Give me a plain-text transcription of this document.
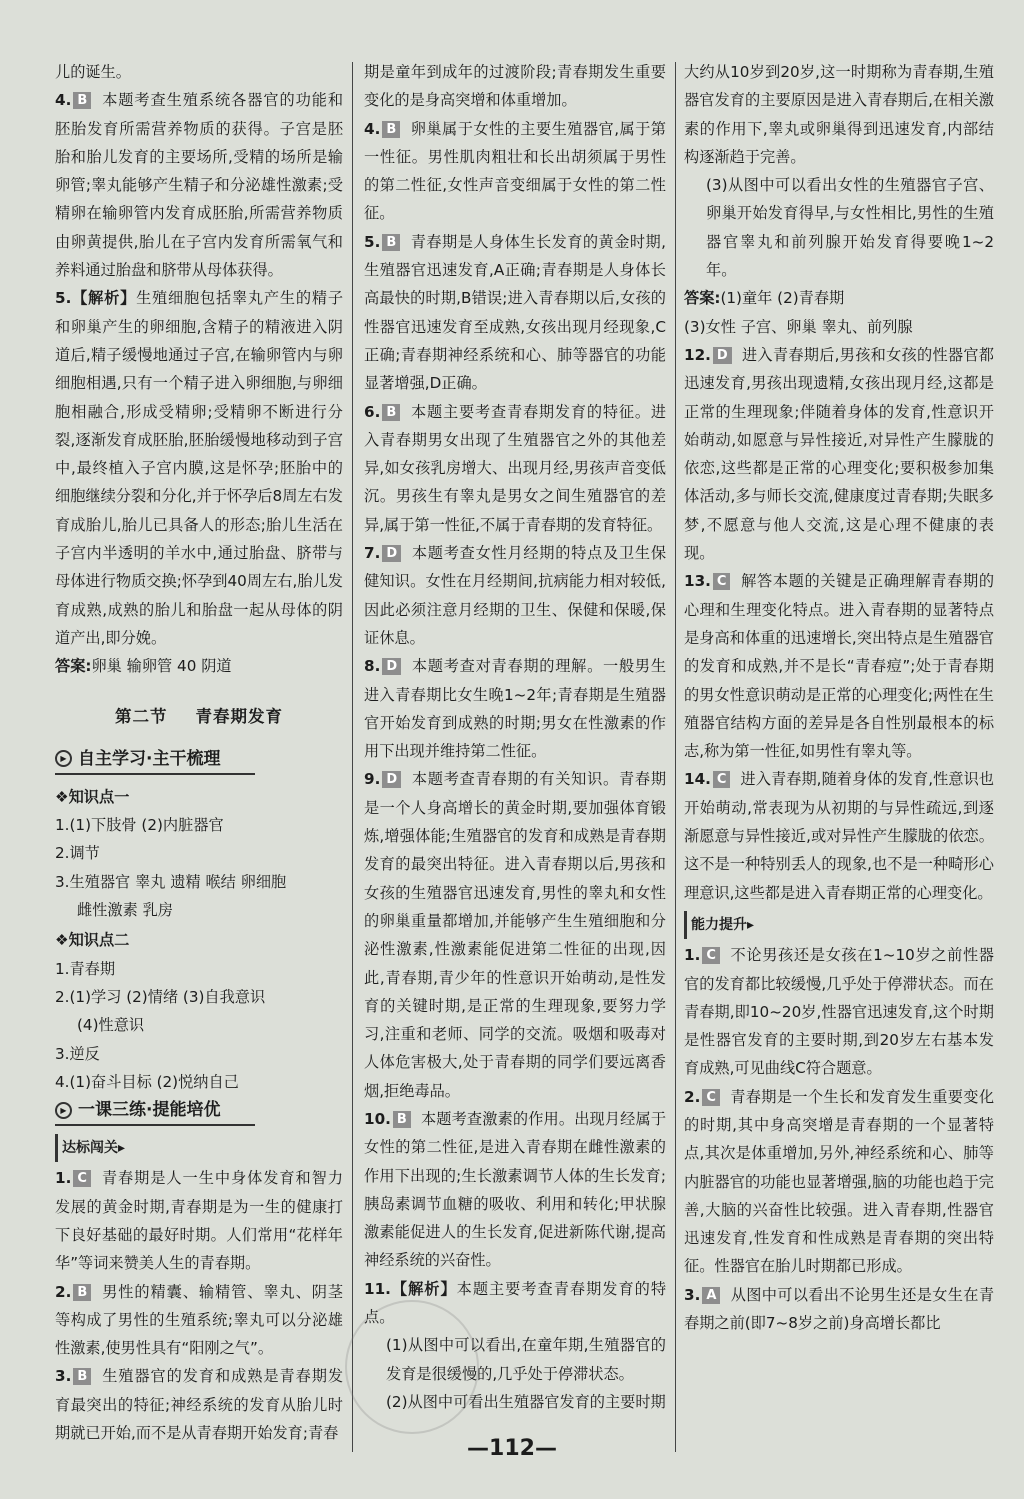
儿的诞生。

4. B 本题考查生殖系统各器官的功能和胚胎发育所需营养物质的获得。子宫是胚胎和胎儿发育的主要场所,受精的场所是输卵管;睾丸能够产生精子和分泌雄性激素;受精卵在输卵管内发育成胚胎,所需营养物质由卵黄提供,胎儿在子宫内发育所需氧气和养料通过胎盘和脐带从母体获得。

5.【解析】生殖细胞包括睾丸产生的精子和卵巢产生的卵细胞,含精子的精液进入阴道后,精子缓慢地通过子宫,在输卵管内与卵细胞相遇,只有一个精子进入卵细胞,与卵细胞相融合,形成受精卵;受精卵不断进行分裂,逐渐发育成胚胎,胚胎缓慢地移动到子宫中,最终植入子宫内膜,这是怀孕;胚胎中的细胞继续分裂和分化,并于怀孕后8周左右发育成胎儿,胎儿已具备人的形态;胎儿生活在子宫内半透明的羊水中,通过胎盘、脐带与母体进行物质交换;怀孕到40周左右,胎儿发育成熟,成熟的胎儿和胎盘一起从母体的阴道产出,即分娩。

答案:卵巢 输卵管 40 阴道

第二节 青春期发育
▶ 自主学习·主干梳理
❖知识点一
1.(1)下肢骨 (2)内脏器官
2.调节
3.生殖器官 睾丸 遗精 喉结 卵细胞
雌性激素 乳房
❖知识点二
1.青春期
2.(1)学习 (2)情绪 (3)自我意识
(4)性意识
3.逆反
4.(1)奋斗目标 (2)悦纳自己
▶ 一课三练·提能培优
达标闯关▸

1. C 青春期是人一生中身体发育和智力发展的黄金时期,青春期是为一生的健康打下良好基础的最好时期。人们常用“花样年华”等词来赞美人生的青春期。

2. B 男性的精囊、输精管、睾丸、阴茎等构成了男性的生殖系统;睾丸可以分泌雄性激素,使男性具有“阳刚之气”。

3. B 生殖器官的发育和成熟是青春期发育最突出的特征;神经系统的发育从胎儿时期就已开始,而不是从青春期开始发育;青春

期是童年到成年的过渡阶段;青春期发生重要变化的是身高突增和体重增加。

4. B 卵巢属于女性的主要生殖器官,属于第一性征。男性肌肉粗壮和长出胡须属于男性的第二性征,女性声音变细属于女性的第二性征。

5. B 青春期是人身体生长发育的黄金时期,生殖器官迅速发育,A正确;青春期是人身体长高最快的时期,B错误;进入青春期以后,女孩的性器官迅速发育至成熟,女孩出现月经现象,C正确;青春期神经系统和心、肺等器官的功能显著增强,D正确。

6. B 本题主要考查青春期发育的特征。进入青春期男女出现了生殖器官之外的其他差异,如女孩乳房增大、出现月经,男孩声音变低沉。男孩生有睾丸是男女之间生殖器官的差异,属于第一性征,不属于青春期的发育特征。

7. D 本题考查女性月经期的特点及卫生保健知识。女性在月经期间,抗病能力相对较低,因此必须注意月经期的卫生、保健和保暖,保证休息。

8. D 本题考查对青春期的理解。一般男生进入青春期比女生晚1~2年;青春期是生殖器官开始发育到成熟的时期;男女在性激素的作用下出现并维持第二性征。

9. D 本题考查青春期的有关知识。青春期是一个人身高增长的黄金时期,要加强体育锻炼,增强体能;生殖器官的发育和成熟是青春期发育的最突出特征。进入青春期以后,男孩和女孩的生殖器官迅速发育,男性的睾丸和女性的卵巢重量都增加,并能够产生生殖细胞和分泌性激素,性激素能促进第二性征的出现,因此,青春期,青少年的性意识开始萌动,是性发育的关键时期,是正常的生理现象,要努力学习,注重和老师、同学的交流。吸烟和吸毒对人体危害极大,处于青春期的同学们要远离香烟,拒绝毒品。

10. B 本题考查激素的作用。出现月经属于女性的第二性征,是进入青春期在雌性激素的作用下出现的;生长激素调节人体的生长发育;胰岛素调节血糖的吸收、利用和转化;甲状腺激素能促进人的生长发育,促进新陈代谢,提高神经系统的兴奋性。

11.【解析】本题主要考查青春期发育的特点。

(1)从图中可以看出,在童年期,生殖器官的发育是很缓慢的,几乎处于停滞状态。

(2)从图中可看出生殖器官发育的主要时期

大约从10岁到20岁,这一时期称为青春期,生殖器官发育的主要原因是进入青春期后,在相关激素的作用下,睾丸或卵巢得到迅速发育,内部结构逐渐趋于完善。

(3)从图中可以看出女性的生殖器官子宫、卵巢开始发育得早,与女性相比,男性的生殖器官睾丸和前列腺开始发育得要晚1~2年。

答案:(1)童年 (2)青春期

(3)女性 子宫、卵巢 睾丸、前列腺

12. D 进入青春期后,男孩和女孩的性器官都迅速发育,男孩出现遗精,女孩出现月经,这都是正常的生理现象;伴随着身体的发育,性意识开始萌动,如愿意与异性接近,对异性产生朦胧的依恋,这些都是正常的心理变化;要积极参加集体活动,多与师长交流,健康度过青春期;失眠多梦,不愿意与他人交流,这是心理不健康的表现。

13. C 解答本题的关键是正确理解青春期的心理和生理变化特点。进入青春期的显著特点是身高和体重的迅速增长,突出特点是生殖器官的发育和成熟,并不是长“青春痘”;处于青春期的男女性意识萌动是正常的心理变化;两性在生殖器官结构方面的差异是各自性别最根本的标志,称为第一性征,如男性有睾丸等。

14. C 进入青春期,随着身体的发育,性意识也开始萌动,常表现为从初期的与异性疏远,到逐渐愿意与异性接近,或对异性产生朦胧的依恋。这不是一种特别丢人的现象,也不是一种畸形心理意识,这些都是进入青春期正常的心理变化。

能力提升▸

1. C 不论男孩还是女孩在1~10岁之前性器官的发育都比较缓慢,几乎处于停滞状态。而在青春期,即10~20岁,性器官迅速发育,这个时期是性器官发育的主要时期,到20岁左右基本发育成熟,可见曲线C符合题意。

2. C 青春期是一个生长和发育发生重要变化的时期,其中身高突增是青春期的一个显著特点,其次是体重增加,另外,神经系统和心、肺等内脏器官的功能也显著增强,脑的功能也趋于完善,大脑的兴奋性比较强。进入青春期,性器官迅速发育,性发育和性成熟是青春期的突出特征。性器官在胎儿时期都已形成。

3. A 从图中可以看出不论男生还是女生在青春期之前(即7~8岁之前)身高增长都比

—112—
